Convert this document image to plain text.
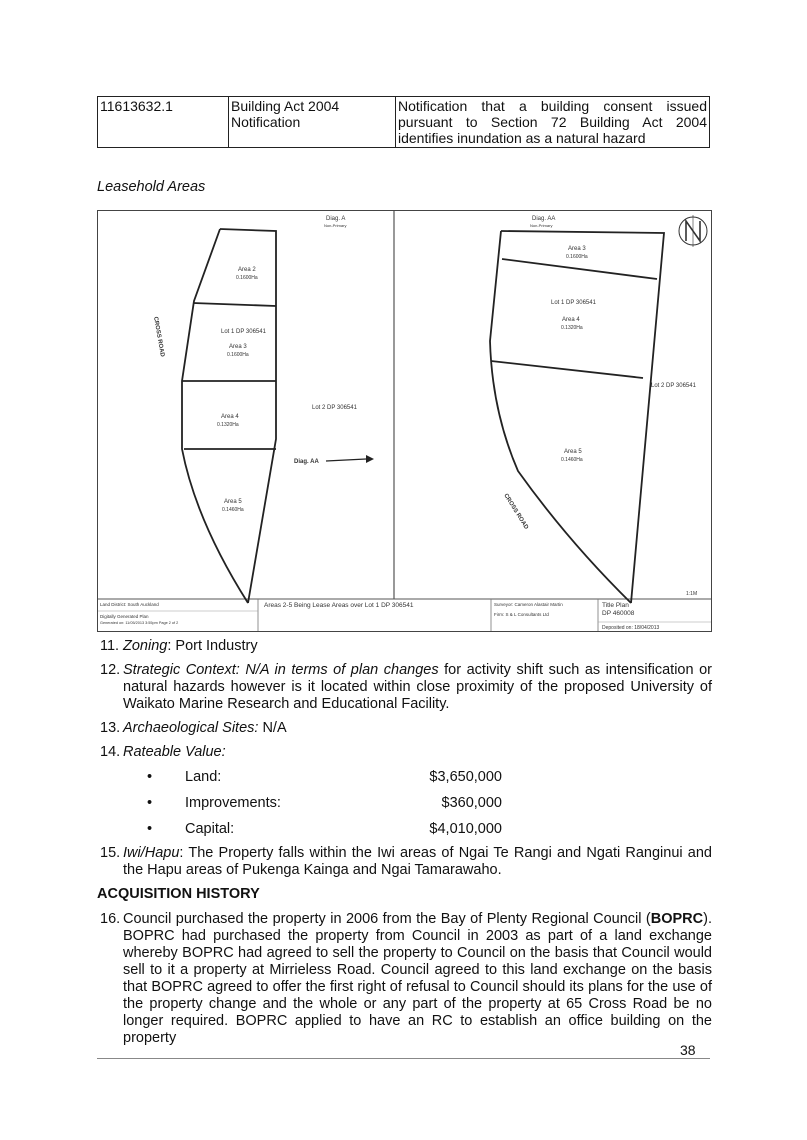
11613632.1	Building Act 2004 Notification	Notification that a building consent issued pursuant to Section 72 Building Act 2004 identifies inundation as a natural hazard
Leasehold Areas
Diag. A
Non-Primary
Area 2
0.1600Ha
Lot 1 DP 306541
Area 3
0.1600Ha
Area 4
0.1320Ha
Area 5
0.1460Ha
Lot 2 DP 306541
Diag. AA
CROSS ROAD
Diag. AA
Non-Primary
Area 3
0.1600Ha
Lot 1 DP 306541
Area 4
0.1320Ha
Lot 2 DP 306541
Area 5
0.1460Ha
CROSS ROAD
1:1M
Land District: South Auckland
Digitally Generated Plan
Generated on: 11/05/2013 3:55pm Page 2 of 2
Areas 2-5 Being Lease Areas over Lot 1 DP 306541	Surveyor: Cameron Alastair Martin
Firm: S & L Consultants Ltd
Title Plan
DP 460008
Deposited on: 18/04/2013
11. Zoning: Port Industry
12. Strategic Context: N/A in terms of plan changes for activity shift such as intensification or natural hazards however is it located within close proximity of the proposed University of Waikato Marine Research and Educational Facility.
13. Archaeological Sites: N/A
14. Rateable Value:
• Land:	$3,650,000
• Improvements:	$360,000
• Capital:	$4,010,000
15. Iwi/Hapu: The Property falls within the Iwi areas of Ngai Te Rangi and Ngati Ranginui and the Hapu areas of Pukenga Kainga and Ngai Tamarawaho.
ACQUISITION HISTORY
16. Council purchased the property in 2006 from the Bay of Plenty Regional Council (BOPRC). BOPRC had purchased the property from Council in 2003 as part of a land exchange whereby BOPRC had agreed to sell the property to Council on the basis that Council would sell to it a property at Mirrieless Road. Council agreed to this land exchange on the basis that BOPRC agreed to offer the first right of refusal to Council should its plans for the use of the property change and the whole or any part of the property at 65 Cross Road be no longer required. BOPRC applied to have an RC to establish an office building on the property
38
